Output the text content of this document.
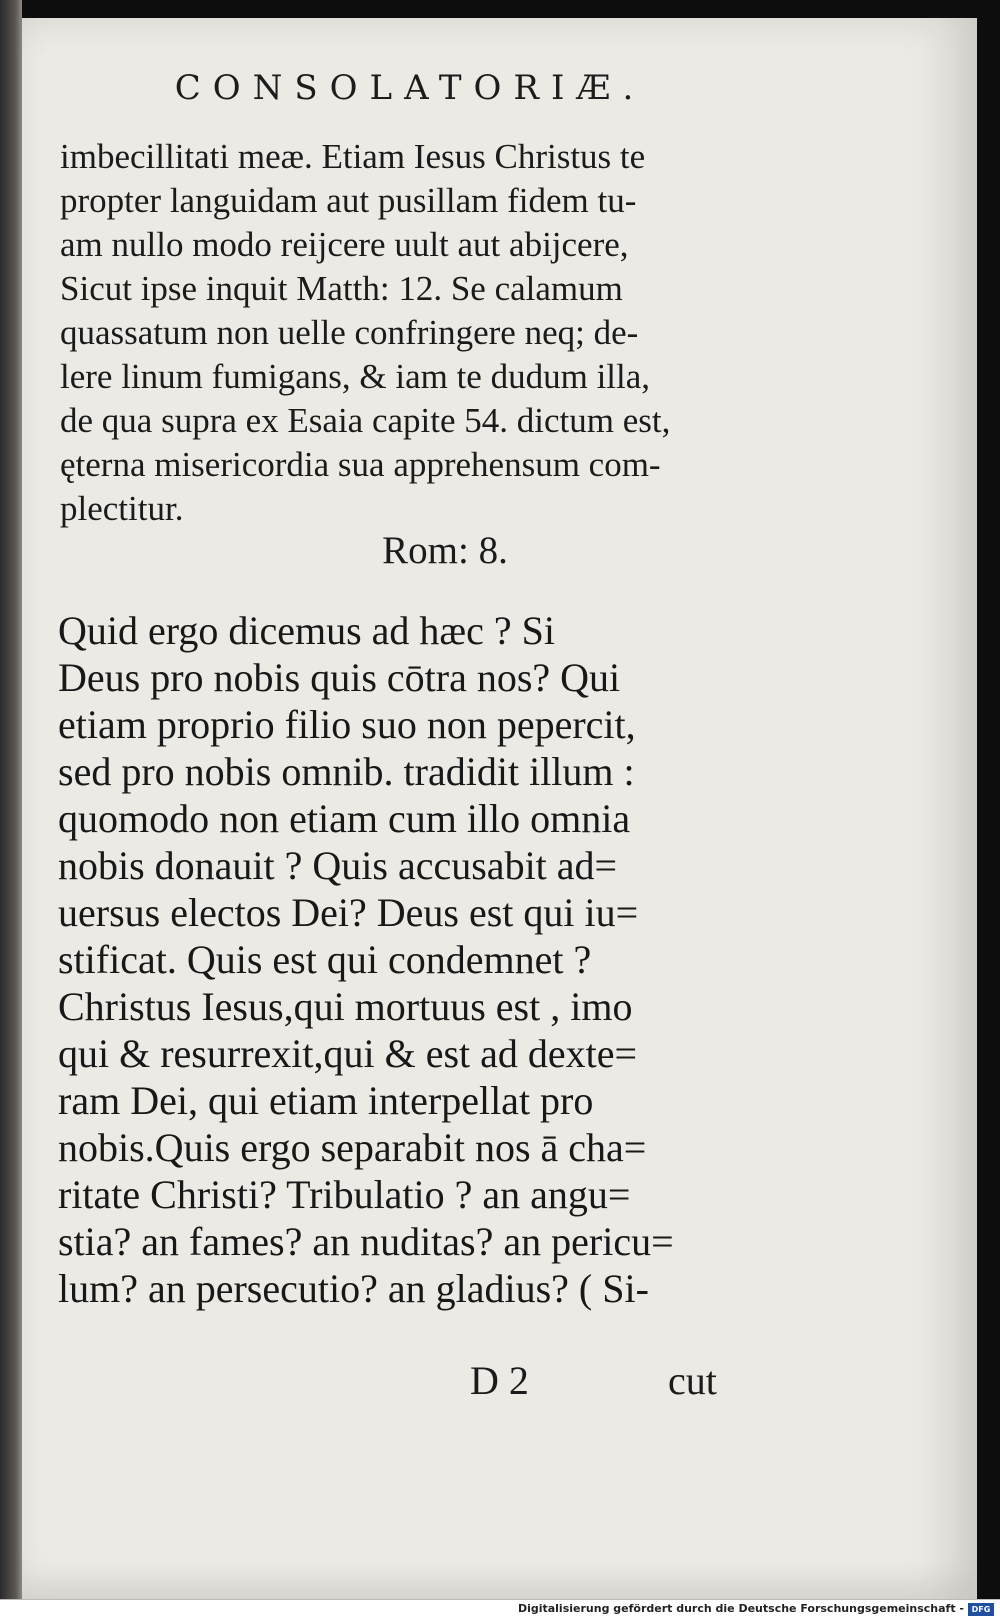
CONSOLATORIÆ.
imbecillitati meæ. Etiam Iesus Christus te
propter languidam aut pusillam fidem tu-
am nullo modo reijcere uult aut abijcere,
Sicut ipse inquit Matth: 12. Se calamum
quassatum non uelle confringere neq; de-
lere linum fumigans, & iam te dudum illa,
de qua supra ex Esaia capite 54. dictum est,
ęterna misericordia sua apprehensum com-
plectitur.
Rom: 8.
Quid ergo dicemus ad hæc ? Si
Deus pro nobis quis cōtra nos? Qui
etiam proprio filio suo non pepercit,
sed pro nobis omnib. tradidit illum :
quomodo non etiam cum illo omnia
nobis donauit ? Quis accusabit ad=
uersus electos Dei? Deus est qui iu=
stificat. Quis est qui condemnet ?
Christus Iesus,qui mortuus est , imo
qui & resurrexit,qui & est ad dexte=
ram Dei, qui etiam interpellat pro
nobis.Quis ergo separabit nos ā cha=
ritate Christi? Tribulatio ? an angu=
stia? an fames? an nuditas? an pericu=
lum? an persecutio? an gladius? ( Si-
D 2	cut
Digitalisierung gefördert durch die Deutsche Forschungsgemeinschaft - DFG
